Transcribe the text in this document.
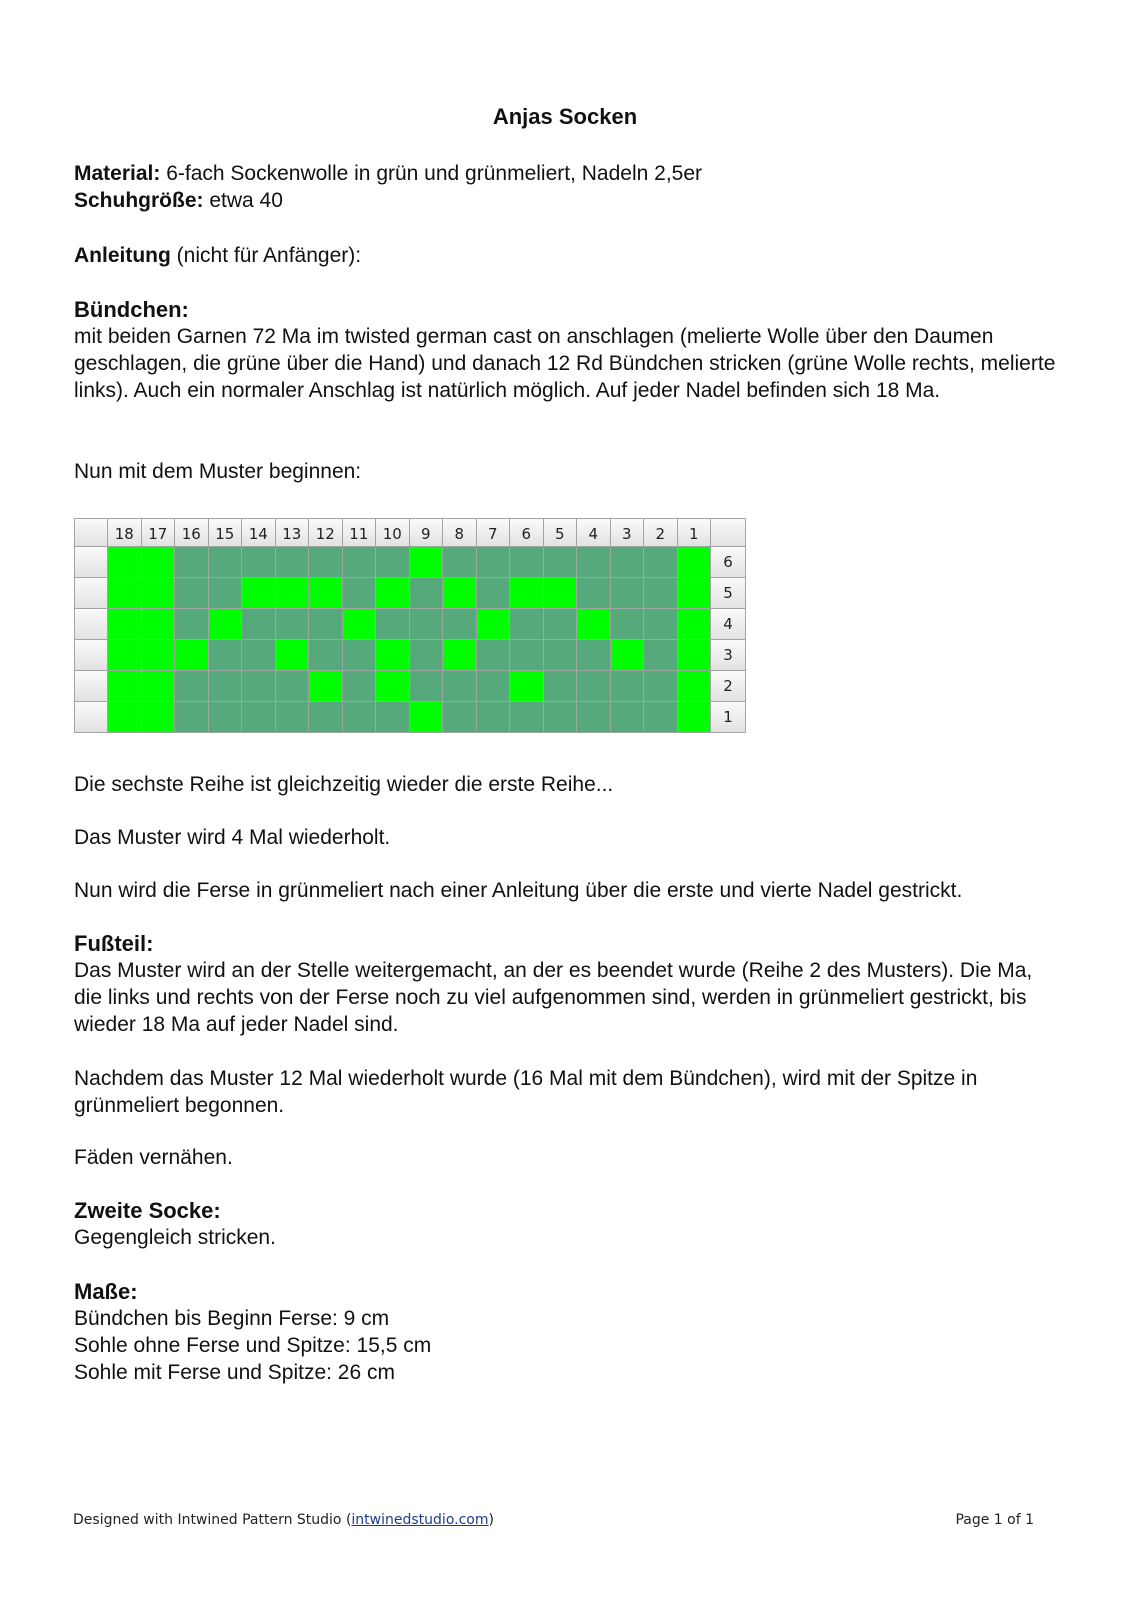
Anjas Socken
Material: 6-fach Sockenwolle in grün und grünmeliert, Nadeln 2,5er
Schuhgröße: etwa 40
Anleitung (nicht für Anfänger):
Bündchen:
mit beiden Garnen 72 Ma im twisted german cast on anschlagen (melierte Wolle über den Daumen geschlagen, die grüne über die Hand) und danach 12 Rd Bündchen stricken (grüne Wolle rechts, melierte links). Auch ein normaler Anschlag ist natürlich möglich. Auf jeder Nadel befinden sich 18 Ma.
Nun mit dem Muster beginnen:
18 17 16 15 14 13 12 11 10	9	8	7	6	5	4	3	2	1
6
5
4
3
2
1
Die sechste Reihe ist gleichzeitig wieder die erste Reihe...
Das Muster wird 4 Mal wiederholt.
Nun wird die Ferse in grünmeliert nach einer Anleitung über die erste und vierte Nadel gestrickt.
Fußteil:
Das Muster wird an der Stelle weitergemacht, an der es beendet wurde (Reihe 2 des Musters). Die Ma, die links und rechts von der Ferse noch zu viel aufgenommen sind, werden in grünmeliert gestrickt, bis wieder 18 Ma auf jeder Nadel sind.
Nachdem das Muster 12 Mal wiederholt wurde (16 Mal mit dem Bündchen), wird mit der Spitze in grünmeliert begonnen.
Fäden vernähen.
Zweite Socke:
Gegengleich stricken.
Maße:
Bündchen bis Beginn Ferse: 9 cm
Sohle ohne Ferse und Spitze: 15,5 cm
Sohle mit Ferse und Spitze: 26 cm
Designed with Intwined Pattern Studio (intwinedstudio.com)	Page 1 of 1
